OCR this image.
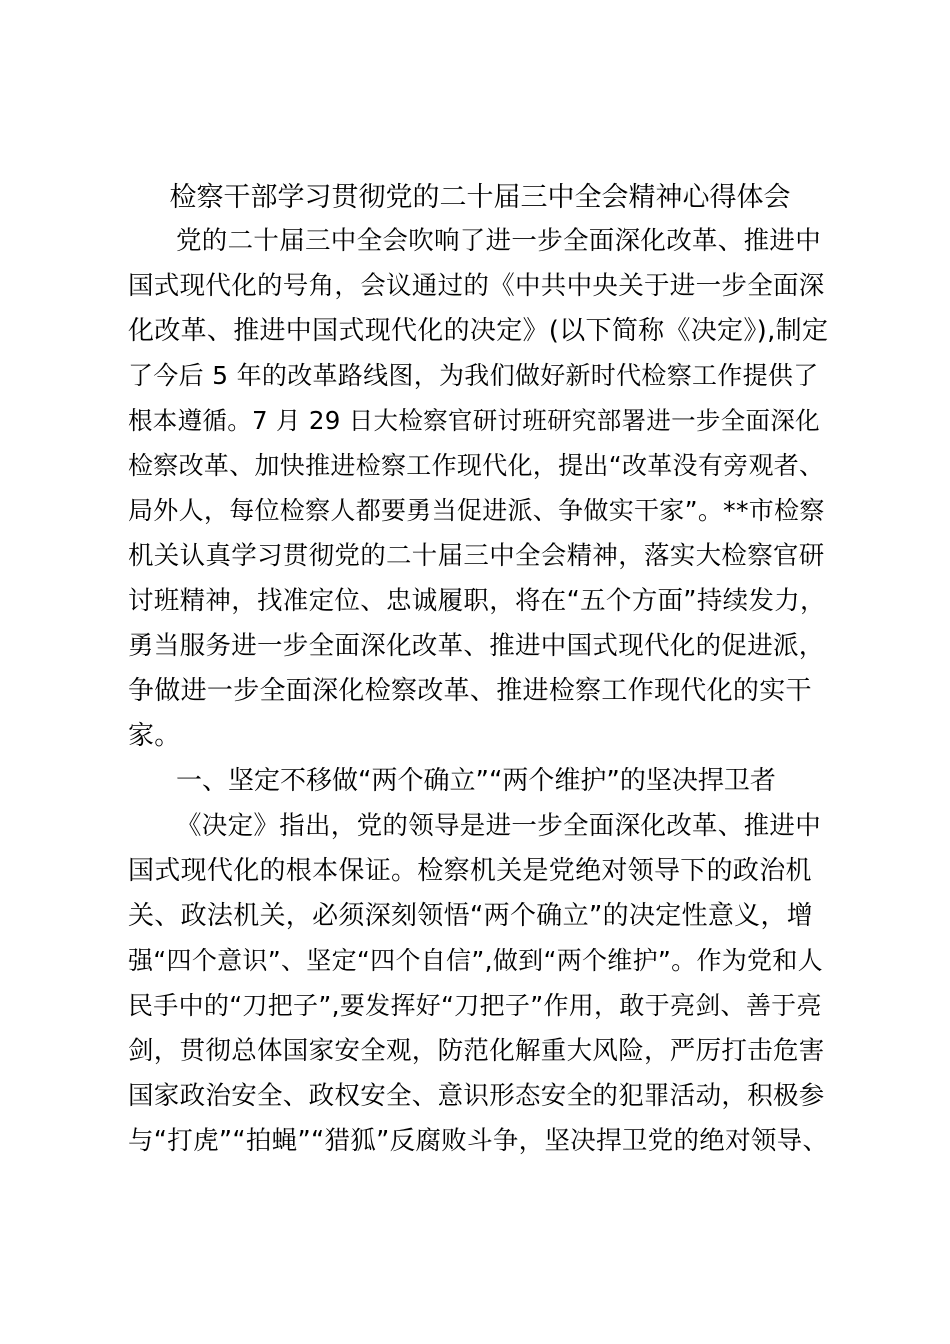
检察干部学习贯彻党的二十届三中全会精神心得体会
党的二十届三中全会吹响了进一步全面深化改革、推进中
国式现代化的号角，会议通过的《中共中央关于进一步全面深
化改革、推进中国式现代化的决定》(以下简称《决定》),制定
了今后 5 年的改革路线图，为我们做好新时代检察工作提供了
根本遵循。7 月 29 日大检察官研讨班研究部署进一步全面深化
检察改革、加快推进检察工作现代化，提出“改革没有旁观者、
局外人，每位检察人都要勇当促进派、争做实干家”。**市检察
机关认真学习贯彻党的二十届三中全会精神，落实大检察官研
讨班精神，找准定位、忠诚履职，将在“五个方面”持续发力，
勇当服务进一步全面深化改革、推进中国式现代化的促进派，
争做进一步全面深化检察改革、推进检察工作现代化的实干
家。
一、坚定不移做“两个确立”“两个维护”的坚决捍卫者
《决定》指出，党的领导是进一步全面深化改革、推进中
国式现代化的根本保证。检察机关是党绝对领导下的政治机
关、政法机关，必须深刻领悟“两个确立”的决定性意义，增
强“四个意识”、坚定“四个自信”,做到“两个维护”。作为党和人
民手中的“刀把子”,要发挥好“刀把子”作用，敢于亮剑、善于亮
剑，贯彻总体国家安全观，防范化解重大风险，严厉打击危害
国家政治安全、政权安全、意识形态安全的犯罪活动，积极参
与“打虎”“拍蝇”“猎狐”反腐败斗争，坚决捍卫党的绝对领导、
